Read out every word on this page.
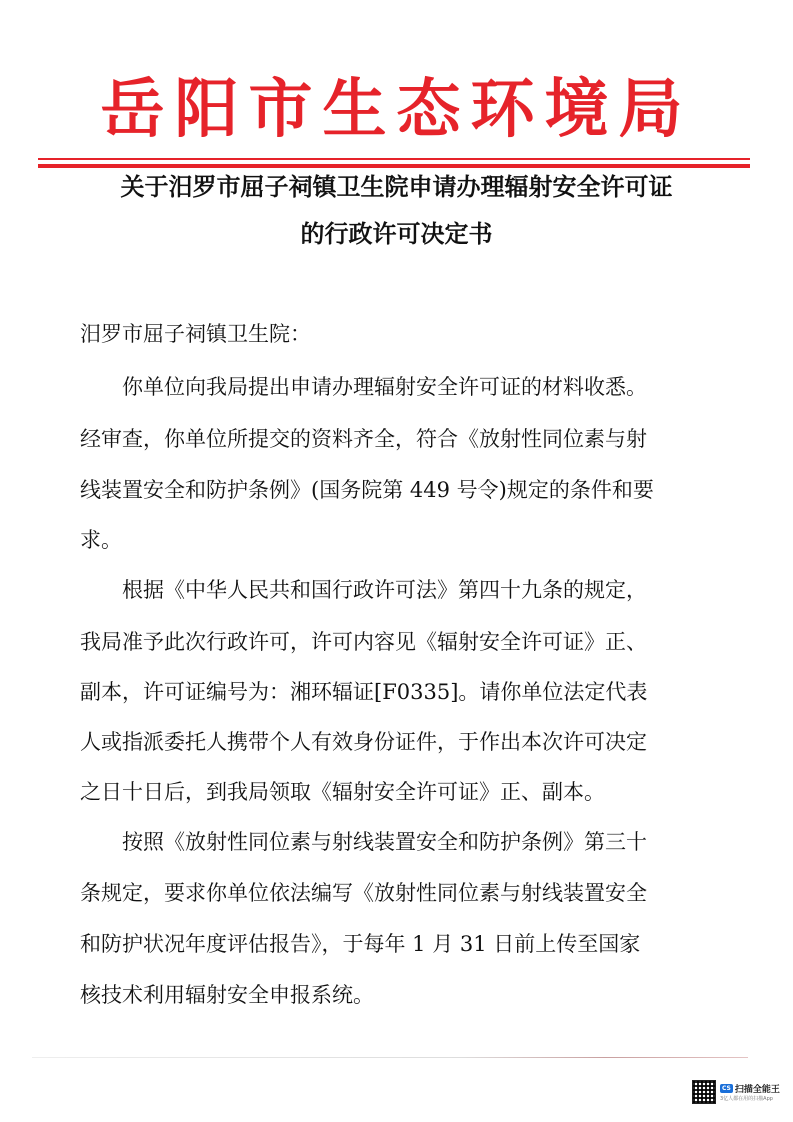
岳阳市生态环境局
关于汨罗市屈子祠镇卫生院申请办理辐射安全许可证
的行政许可决定书
汨罗市屈子祠镇卫生院：
你单位向我局提出申请办理辐射安全许可证的材料收悉。
经审查，你单位所提交的资料齐全，符合《放射性同位素与射
线装置安全和防护条例》(国务院第 449 号令)规定的条件和要
求。
根据《中华人民共和国行政许可法》第四十九条的规定，
我局准予此次行政许可，许可内容见《辐射安全许可证》正、
副本，许可证编号为：湘环辐证[F0335]。请你单位法定代表
人或指派委托人携带个人有效身份证件，于作出本次许可决定
之日十日后，到我局领取《辐射安全许可证》正、副本。
按照《放射性同位素与射线装置安全和防护条例》第三十
条规定，要求你单位依法编写《放射性同位素与射线装置安全
和防护状况年度评估报告》，于每年 1 月 31 日前上传至国家
核技术利用辐射安全申报系统。
CS 扫描全能王
3亿人都在用的扫描App
